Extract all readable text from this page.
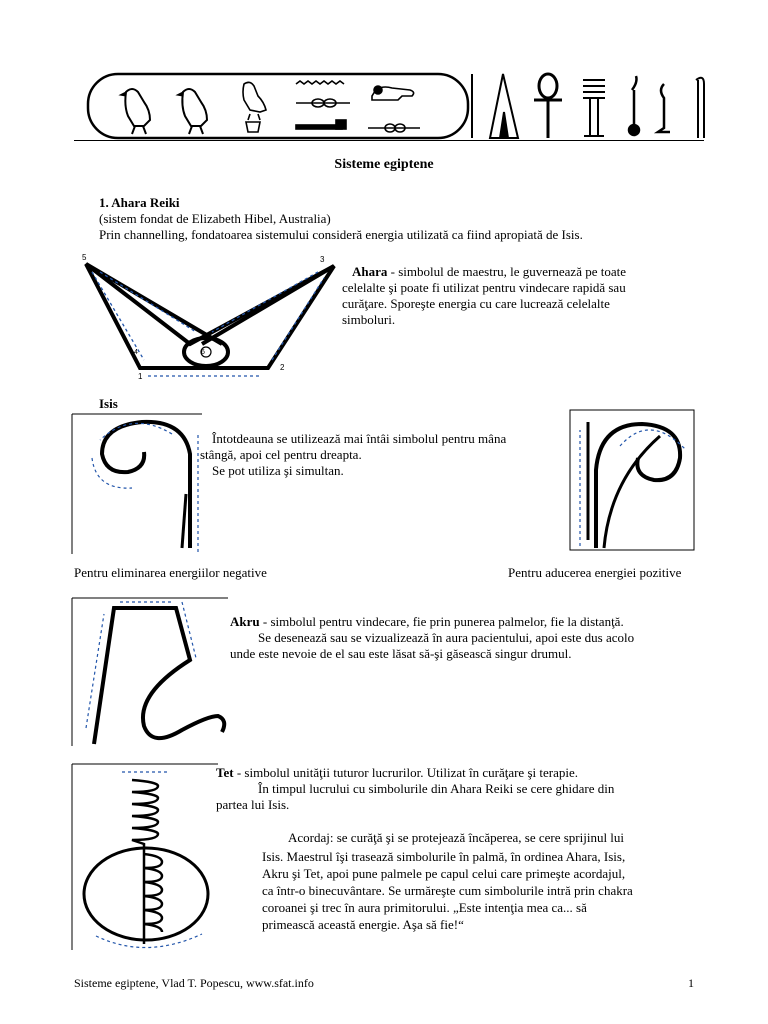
Sisteme egiptene
1. Ahara Reiki
(sistem fondat de Elizabeth Hibel, Australia)
Prin channelling, fondatoarea sistemului consideră energia utilizată ca fiind apropiată de Isis.
5	3
6
4
1
2
Ahara - simbolul de maestru, le guvernează pe toate
celelalte şi poate fi utilizat pentru vindecare rapidă sau
curăţare. Sporeşte energia cu care lucrează celelalte
simboluri.
Isis
Întotdeauna se utilizează mai întâi simbolul pentru mâna
stângă, apoi cel pentru dreapta.
Se pot utiliza şi simultan.
Pentru eliminarea energiilor negative	Pentru aducerea energiei pozitive
Akru - simbolul pentru vindecare, fie prin punerea palmelor, fie la distanţă.
Se desenează sau se vizualizează în aura pacientului, apoi este dus acolo
unde este nevoie de el sau este lăsat să-şi găsească singur drumul.
Tet - simbolul unităţii tuturor lucrurilor. Utilizat în curăţare şi terapie.
În timpul lucrului cu simbolurile din Ahara Reiki se cere ghidare din
partea lui Isis.
Acordaj: se curăţă şi se protejează încăperea, se cere sprijinul lui
Isis. Maestrul îşi trasează simbolurile în palmă, în ordinea Ahara, Isis,
Akru şi Tet, apoi pune palmele pe capul celui care primeşte acordajul,
ca într-o binecuvântare. Se urmăreşte cum simbolurile intră prin chakra
coroanei şi trec în aura primitorului. „Este intenţia mea ca... să
primească această energie. Aşa să fie!“
Sisteme egiptene, Vlad T. Popescu, www.sfat.info	1
